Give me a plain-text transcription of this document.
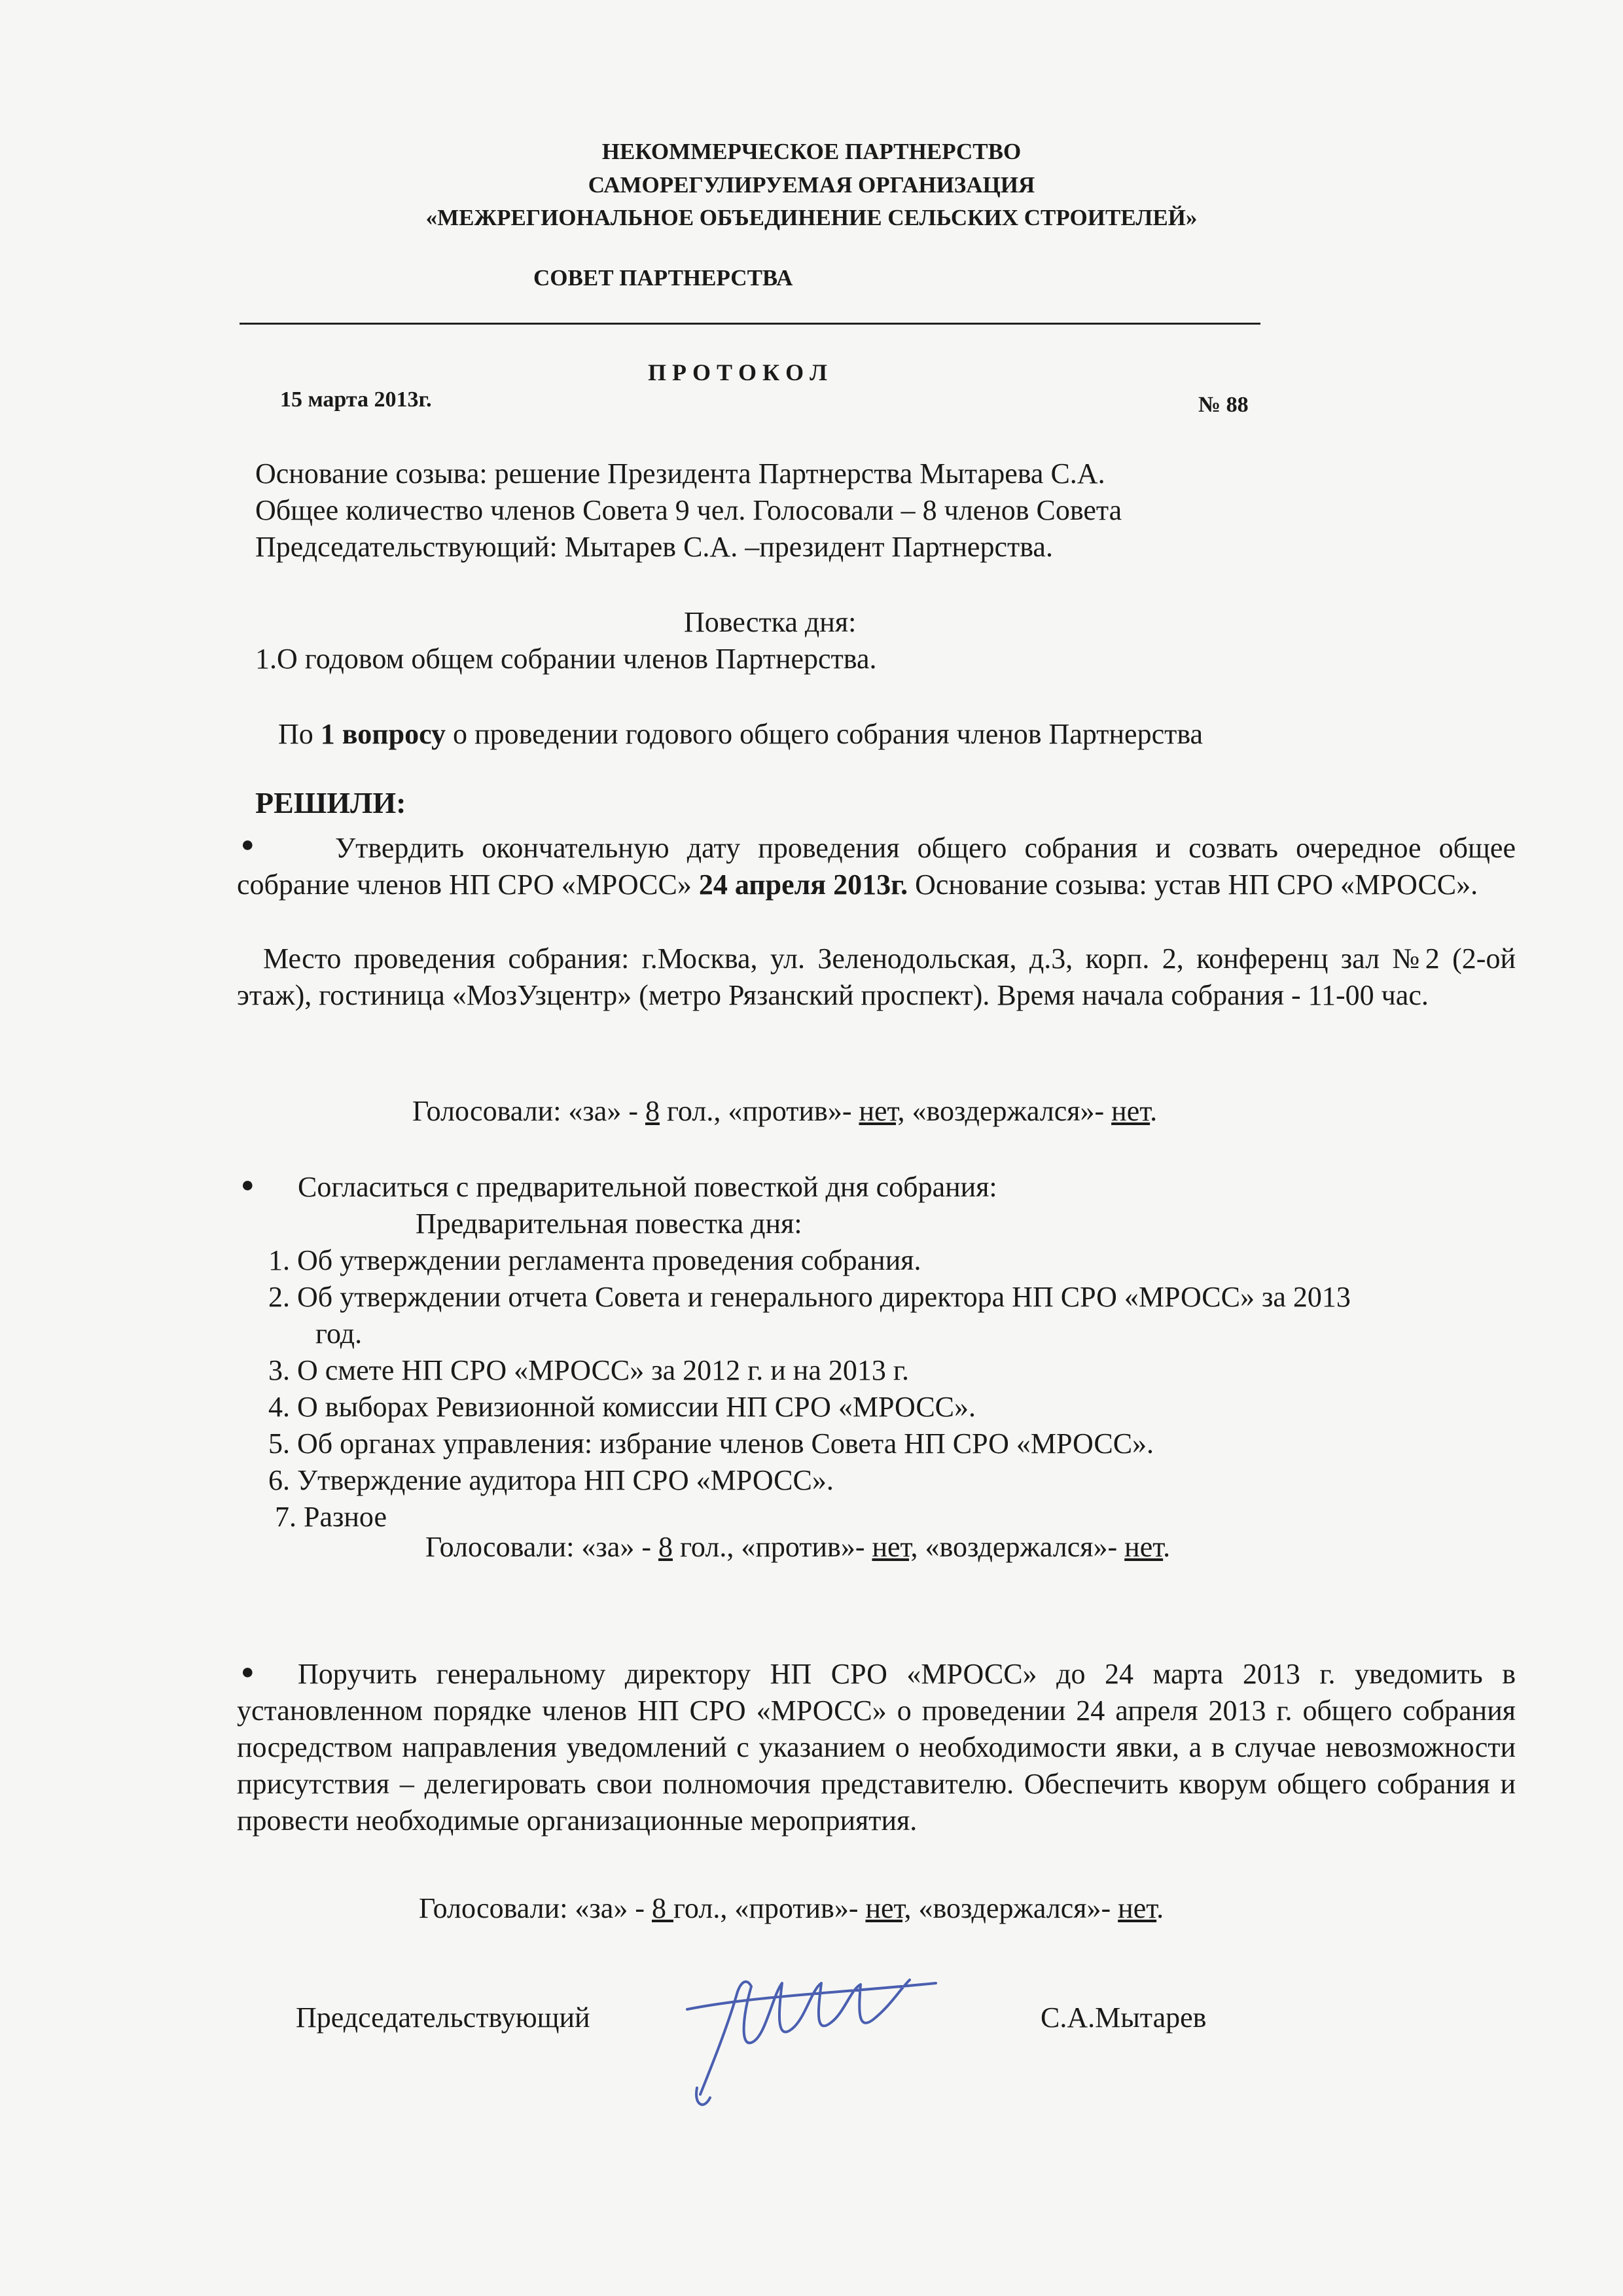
НЕКОММЕРЧЕСКОЕ ПАРТНЕРСТВО
САМОРЕГУЛИРУЕМАЯ ОРГАНИЗАЦИЯ
«МЕЖРЕГИОНАЛЬНОЕ ОБЪЕДИНЕНИЕ СЕЛЬСКИХ СТРОИТЕЛЕЙ»
СОВЕТ ПАРТНЕРСТВА
П Р О Т О К О Л
15 марта 2013г.	№ 88
Основание созыва: решение Президента Партнерства Мытарева С.А.
Общее количество членов Совета 9 чел. Голосовали – 8 членов Совета
Председательствующий: Мытарев С.А. –президент Партнерства.
Повестка дня:
1.О годовом общем собрании членов Партнерства.
По 1 вопросу о проведении годового общего собрания членов Партнерства
РЕШИЛИ:
●	Утвердить окончательную дату проведения общего собрания и созвать очередное общее собрание членов НП СРО «МРОСС» 24 апреля 2013г. Основание созыва: устав НП СРО «МРОСС».
Место проведения собрания: г.Москва, ул. Зеленодольская, д.3, корп. 2, конференц зал №2 (2-ой этаж), гостиница «МозУзцентр» (метро Рязанский проспект). Время начала собрания - 11-00 час.
Голосовали: «за» - 8 гол., «против»- нет, «воздержался»- нет.
● Согласиться с предварительной повесткой дня собрания:
Предварительная повестка дня:
1. Об утверждении регламента проведения собрания.
2. Об утверждении отчета Совета и генерального директора НП СРО «МРОСС» за 2013
год.
3. О смете НП СРО «МРОСС» за 2012 г. и на 2013 г.
4. О выборах Ревизионной комиссии НП СРО «МРОСС».
5. Об органах управления: избрание членов Совета НП СРО «МРОСС».
6. Утверждение аудитора НП СРО «МРОСС».
7. Разное
Голосовали: «за» - 8 гол., «против»- нет, «воздержался»- нет.
●	Поручить генеральному директору НП СРО «МРОСС» до 24 марта 2013 г. уведомить в установленном порядке членов НП СРО «МРОСС» о проведении 24 апреля 2013 г. общего собрания посредством направления уведомлений с указанием о необходимости явки, а в случае невозможности присутствия – делегировать свои полномочия представителю. Обеспечить кворум общего собрания и провести необходимые организационные мероприятия.
Голосовали: «за» - 8 гол., «против»- нет, «воздержался»- нет.
Председательствующий	С.А.Мытарев
